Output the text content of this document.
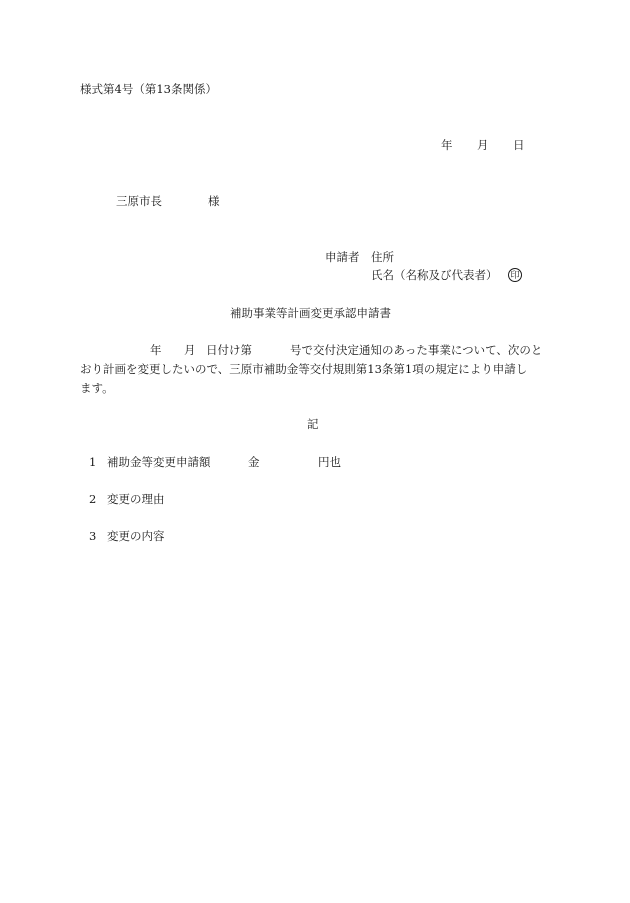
様式第4号（第13条関係）
年 月 日
三原市長	様
申請者 住所
氏名（名称及び代表者） 印
補助事業等計画変更承認申請書
年 月 日付け第	号で交付決定通知のあった事業について、次のと
おり計画を変更したいので、三原市補助金等交付規則第13条第1項の規定により申請し
ます。
記
1 補助金等変更申請額	金	円也
2 変更の理由
3 変更の内容
